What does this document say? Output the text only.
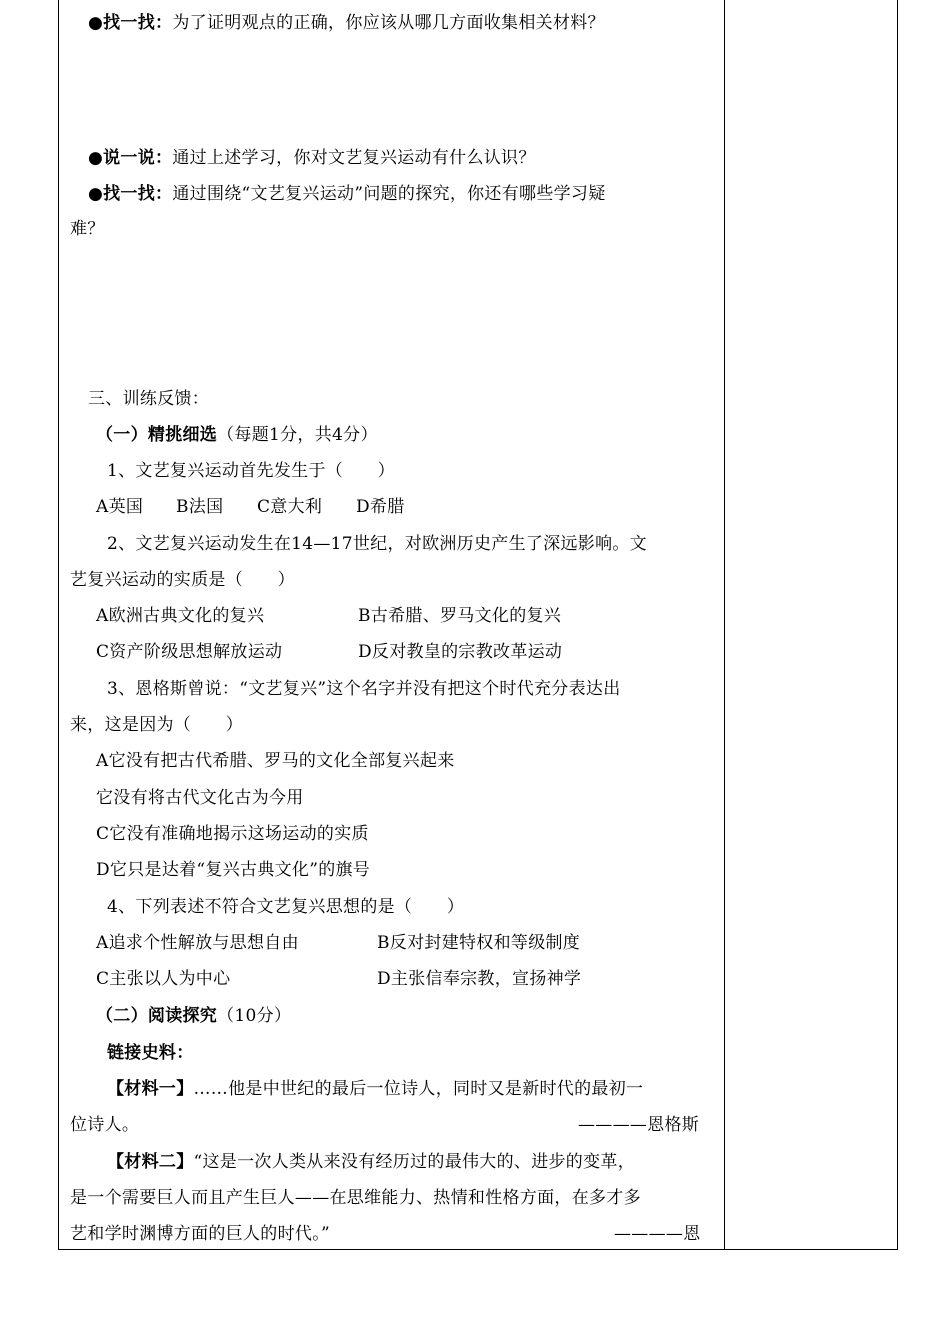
●找一找：为了证明观点的正确，你应该从哪几方面收集相关材料？
●说一说：通过上述学习，你对文艺复兴运动有什么认识？
●找一找：通过围绕“文艺复兴运动”问题的探究，你还有哪些学习疑
难？
三、训练反馈：
（一）精挑细选（每题1分，共4分）
1、文艺复兴运动首先发生于（　　）
A英国 B法国 C意大利 D希腊
2、文艺复兴运动发生在14—17世纪，对欧洲历史产生了深远影响。文
艺复兴运动的实质是（　　）
A欧洲古典文化的复兴	B古希腊、罗马文化的复兴
C资产阶级思想解放运动	D反对教皇的宗教改革运动
3、恩格斯曾说：“文艺复兴”这个名字并没有把这个时代充分表达出
来，这是因为（　　）
A它没有把古代希腊、罗马的文化全部复兴起来
它没有将古代文化古为今用
C它没有准确地揭示这场运动的实质
D它只是达着“复兴古典文化”的旗号
4、下列表述不符合文艺复兴思想的是（　　）
A追求个性解放与思想自由	B反对封建特权和等级制度
C主张以人为中心	D主张信奉宗教，宣扬神学
（二）阅读探究（10分）
链接史料：
【材料一】……他是中世纪的最后一位诗人，同时又是新时代的最初一
位诗人。	————恩格斯
【材料二】“这是一次人类从来没有经历过的最伟大的、进步的变革，
是一个需要巨人而且产生巨人——在思维能力、热情和性格方面，在多才多
艺和学时渊博方面的巨人的时代。”	————恩
